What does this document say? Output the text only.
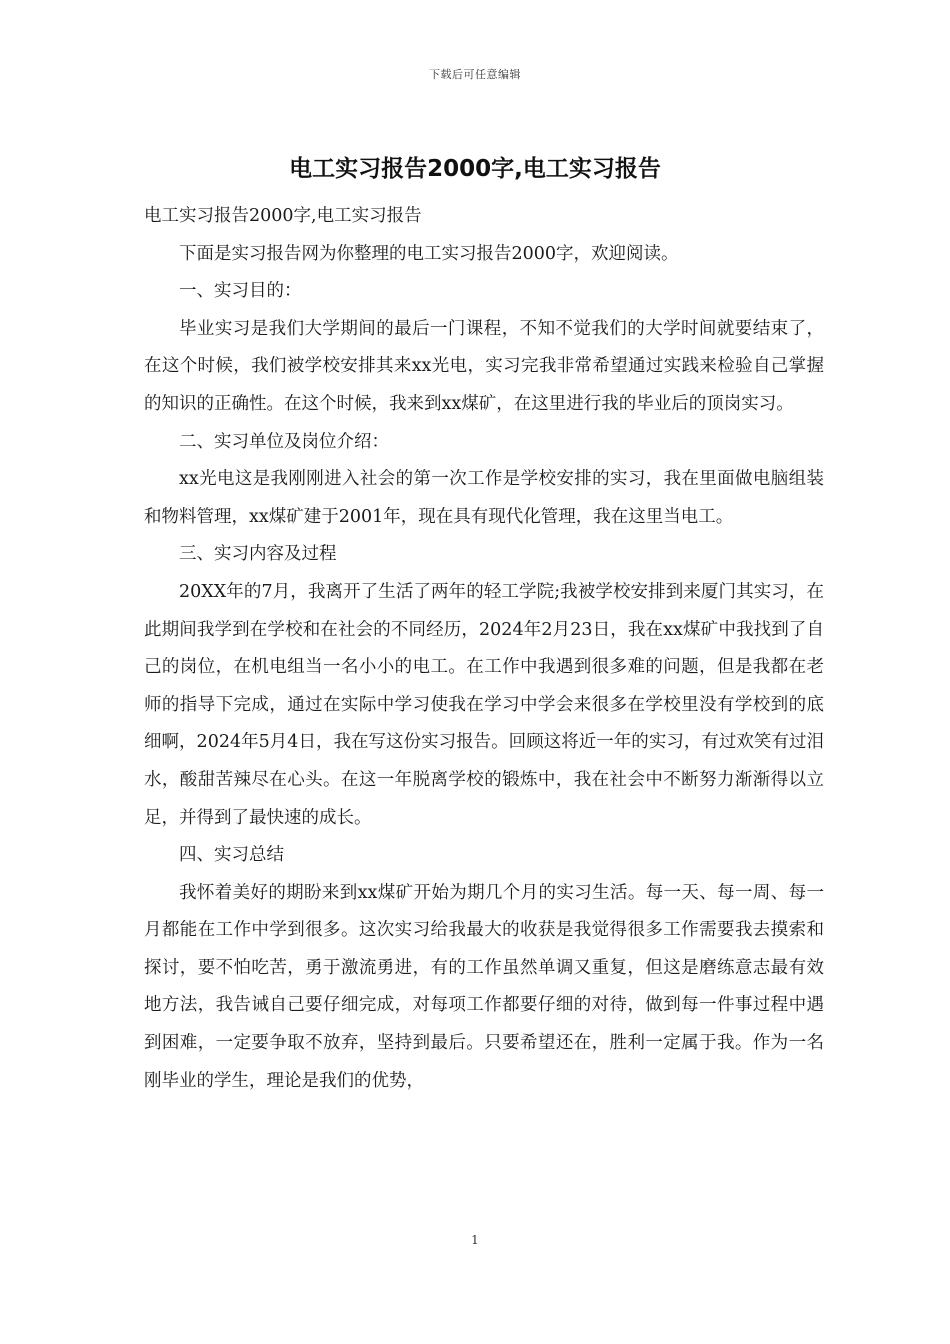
下载后可任意编辑
电工实习报告2000字,电工实习报告

电工实习报告2000字,电工实习报告

下面是实习报告网为你整理的电工实习报告2000字，欢迎阅读。

一、实习目的：

毕业实习是我们大学期间的最后一门课程，不知不觉我们的大学时间就要结束了，在这个时候，我们被学校安排其来xx光电，实习完我非常希望通过实践来检验自己掌握的知识的正确性。在这个时候，我来到xx煤矿，在这里进行我的毕业后的顶岗实习。

二、实习单位及岗位介绍：

xx光电这是我刚刚进入社会的第一次工作是学校安排的实习，我在里面做电脑组装和物料管理，xx煤矿建于2001年，现在具有现代化管理，我在这里当电工。

三、实习内容及过程

20XX年的7月，我离开了生活了两年的轻工学院;我被学校安排到来厦门其实习，在此期间我学到在学校和在社会的不同经历，2024年2月23日，我在xx煤矿中我找到了自己的岗位，在机电组当一名小小的电工。在工作中我遇到很多难的问题，但是我都在老师的指导下完成，通过在实际中学习使我在学习中学会来很多在学校里没有学校到的底细啊，2024年5月4日，我在写这份实习报告。回顾这将近一年的实习，有过欢笑有过泪水，酸甜苦辣尽在心头。在这一年脱离学校的锻炼中，我在社会中不断努力渐渐得以立足，并得到了最快速的成长。

四、实习总结

我怀着美好的期盼来到xx煤矿开始为期几个月的实习生活。每一天、每一周、每一月都能在工作中学到很多。这次实习给我最大的收获是我觉得很多工作需要我去摸索和探讨，要不怕吃苦，勇于激流勇进，有的工作虽然单调又重复，但这是磨练意志最有效地方法，我告诫自己要仔细完成，对每项工作都要仔细的对待，做到每一件事过程中遇到困难，一定要争取不放弃，坚持到最后。只要希望还在，胜利一定属于我。作为一名刚毕业的学生，理论是我们的优势，

1
